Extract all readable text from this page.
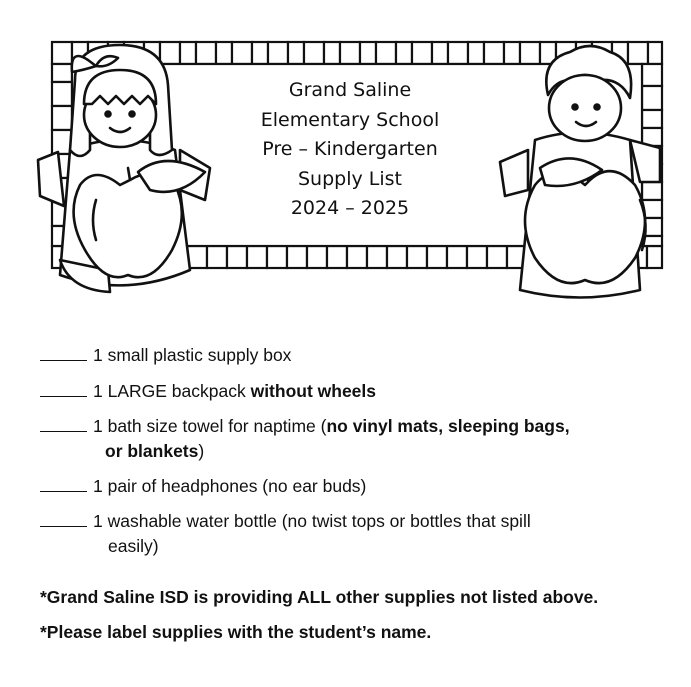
Grand Saline
Elementary School
Pre – Kindergarten
Supply List
2024 – 2025
1 small plastic supply box
1 LARGE backpack without wheels
1 bath size towel for naptime (no vinyl mats, sleeping bags,
or blankets)
1 pair of headphones (no ear buds)
1 washable water bottle (no twist tops or bottles that spill
easily)
*Grand Saline ISD is providing ALL other supplies not listed above.
*Please label supplies with the student’s name.
